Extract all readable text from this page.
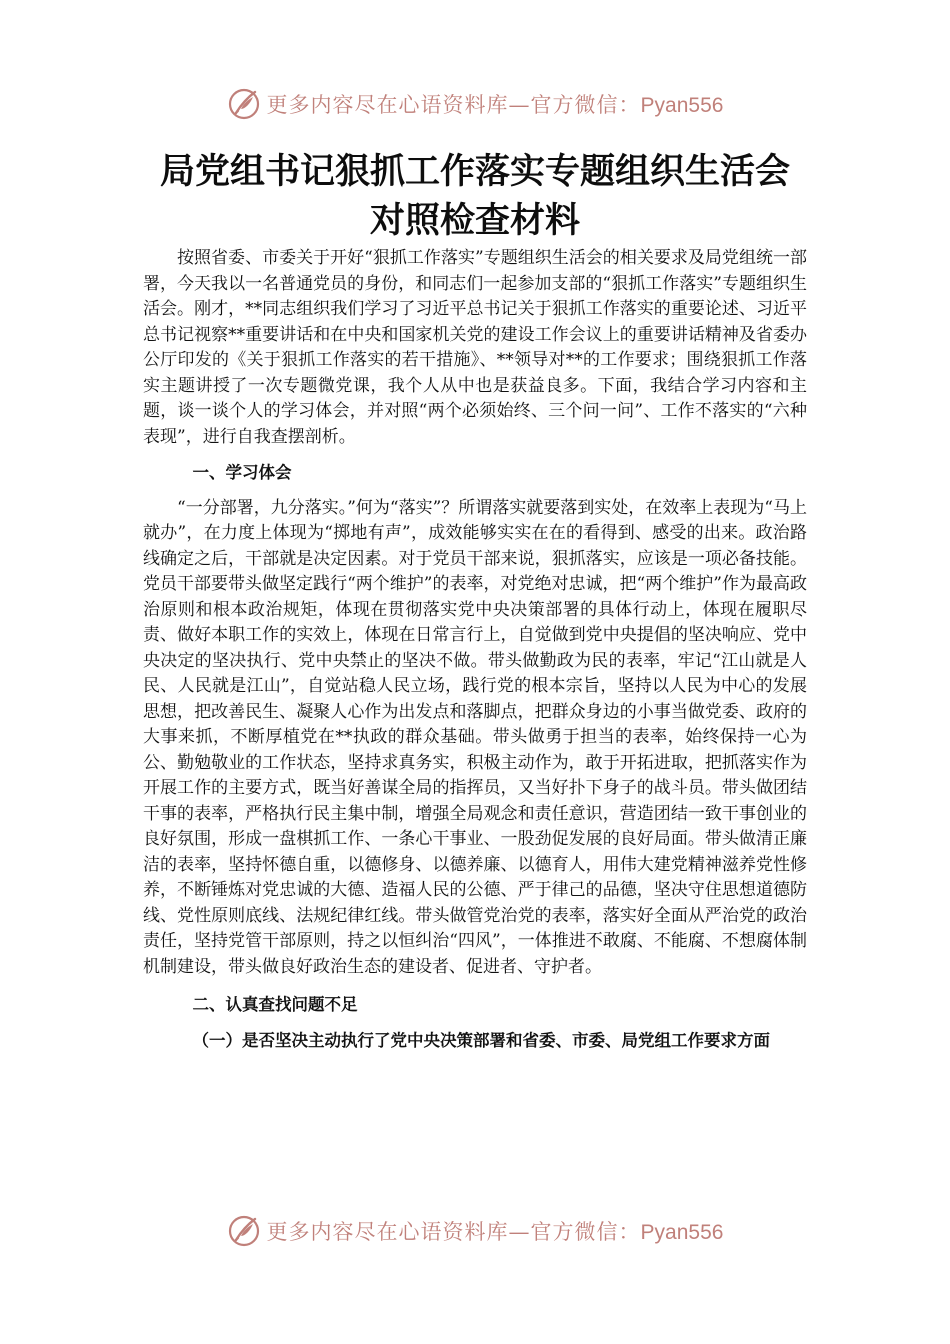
更多内容尽在心语资料库—官方微信：Pyan556
局党组书记狠抓工作落实专题组织生活会
对照检查材料

按照省委、市委关于开好“狠抓工作落实”专题组织生活会的相关要求及局党组统一部署，今天我以一名普通党员的身份，和同志们一起参加支部的“狠抓工作落实”专题组织生活会。刚才，**同志组织我们学习了习近平总书记关于狠抓工作落实的重要论述、习近平总书记视察**重要讲话和在中央和国家机关党的建设工作会议上的重要讲话精神及省委办公厅印发的《关于狠抓工作落实的若干措施》、**领导对**的工作要求；围绕狠抓工作落实主题讲授了一次专题微党课，我个人从中也是获益良多。下面，我结合学习内容和主题，谈一谈个人的学习体会，并对照“两个必须始终、三个问一问”、工作不落实的“六种表现”，进行自我查摆剖析。

一、学习体会

“一分部署，九分落实。”何为“落实”？所谓落实就要落到实处，在效率上表现为“马上就办”，在力度上体现为“掷地有声”，成效能够实实在在的看得到、感受的出来。政治路线确定之后，干部就是决定因素。对于党员干部来说，狠抓落实，应该是一项必备技能。党员干部要带头做坚定践行“两个维护”的表率，对党绝对忠诚，把“两个维护”作为最高政治原则和根本政治规矩，体现在贯彻落实党中央决策部署的具体行动上，体现在履职尽责、做好本职工作的实效上，体现在日常言行上，自觉做到党中央提倡的坚决响应、党中央决定的坚决执行、党中央禁止的坚决不做。带头做勤政为民的表率，牢记“江山就是人民、人民就是江山”，自觉站稳人民立场，践行党的根本宗旨，坚持以人民为中心的发展思想，把改善民生、凝聚人心作为出发点和落脚点，把群众身边的小事当做党委、政府的大事来抓，不断厚植党在**执政的群众基础。带头做勇于担当的表率，始终保持一心为公、勤勉敬业的工作状态，坚持求真务实，积极主动作为，敢于开拓进取，把抓落实作为开展工作的主要方式，既当好善谋全局的指挥员，又当好扑下身子的战斗员。带头做团结干事的表率，严格执行民主集中制，增强全局观念和责任意识，营造团结一致干事创业的良好氛围，形成一盘棋抓工作、一条心干事业、一股劲促发展的良好局面。带头做清正廉洁的表率，坚持怀德自重，以德修身、以德养廉、以德育人，用伟大建党精神滋养党性修养，不断锤炼对党忠诚的大德、造福人民的公德、严于律己的品德，坚决守住思想道德防线、党性原则底线、法规纪律红线。带头做管党治党的表率，落实好全面从严治党的政治责任，坚持党管干部原则，持之以恒纠治“四风”，一体推进不敢腐、不能腐、不想腐体制机制建设，带头做良好政治生态的建设者、促进者、守护者。

二、认真查找问题不足

（一）是否坚决主动执行了党中央决策部署和省委、市委、局党组工作要求方面

更多内容尽在心语资料库—官方微信：Pyan556
